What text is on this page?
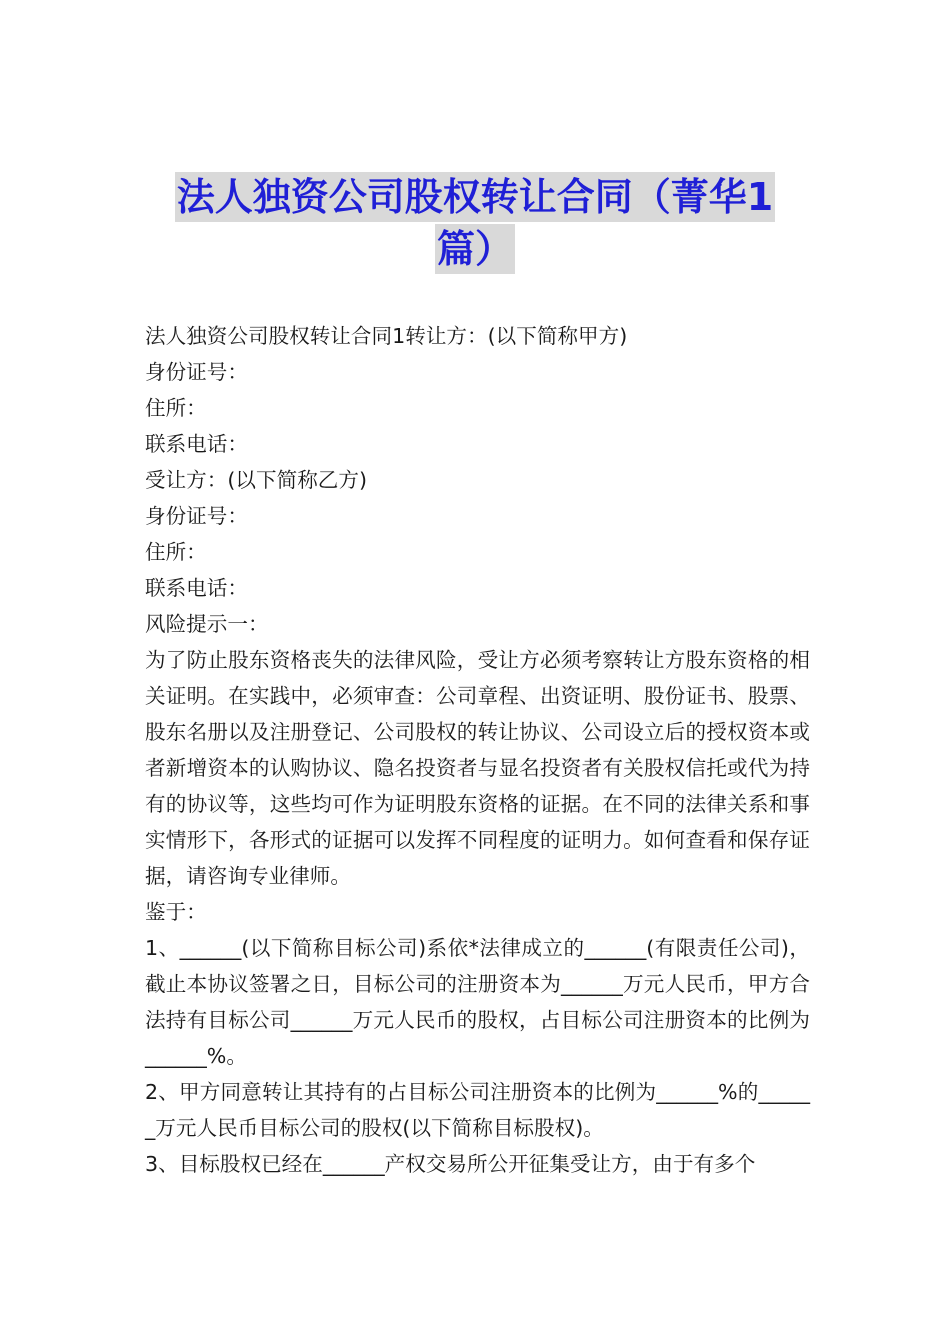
法人独资公司股权转让合同（菁华1
篇）

法人独资公司股权转让合同1转让方：(以下简称甲方)

身份证号：

住所：

联系电话：

受让方：(以下简称乙方)

身份证号：

住所：

联系电话：

风险提示一：

为了防止股东资格丧失的法律风险，受让方必须考察转让方股东资格的相关证明。在实践中，必须审查：公司章程、出资证明、股份证书、股票、股东名册以及注册登记、公司股权的转让协议、公司设立后的授权资本或者新增资本的认购协议、隐名投资者与显名投资者有关股权信托或代为持有的协议等，这些均可作为证明股东资格的证据。在不同的法律关系和事实情形下，各形式的证据可以发挥不同程度的证明力。如何查看和保存证据，请咨询专业律师。

鉴于：

1、______(以下简称目标公司)系依*法律成立的______(有限责任公司)，截止本协议签署之日，目标公司的注册资本为______万元人民币，甲方合法持有目标公司______万元人民币的股权，占目标公司注册资本的比例为______%。

2、甲方同意转让其持有的占目标公司注册资本的比例为______%的______万元人民币目标公司的股权(以下简称目标股权)。

3、目标股权已经在______产权交易所公开征集受让方，由于有多个
